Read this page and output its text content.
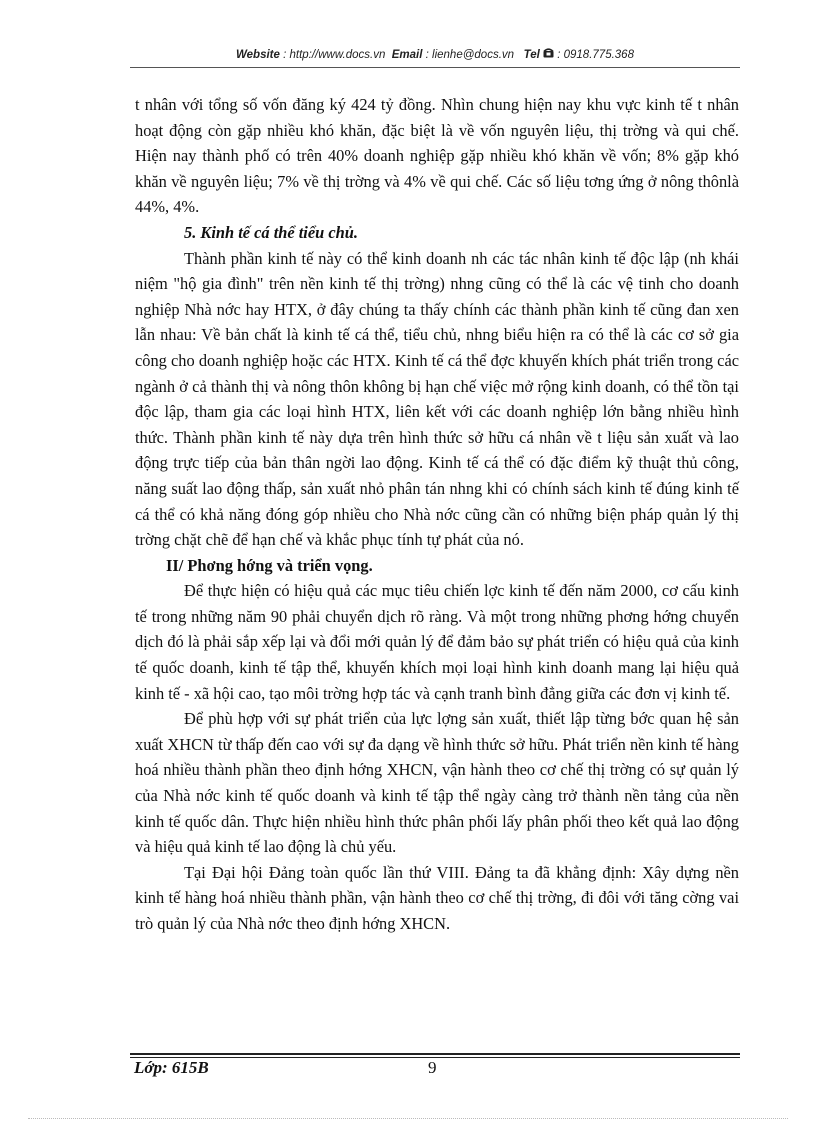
Website : http://www.docs.vn Email : lienhe@docs.vn Tel : 0918.775.368

t nhân với tổng số vốn đăng ký 424 tỷ đồng. Nhìn chung hiện nay khu vực kinh tế t nhân hoạt động còn gặp nhiều khó khăn, đặc biệt là về vốn nguyên liệu, thị trờng và qui chế. Hiện nay thành phố có trên 40% doanh nghiệp gặp nhiều khó khăn về vốn; 8% gặp khó khăn về nguyên liệu; 7% về thị trờng và 4% về qui chế. Các số liệu tơng ứng ở nông thônlà 44%, 4%.

5. Kinh tế cá thể tiểu chủ.

Thành phần kinh tế này có thể kinh doanh nh các tác nhân kinh tế độc lập (nh khái niệm "hộ gia đình" trên nền kinh tế thị trờng) nhng cũng có thể là các vệ tinh cho doanh nghiệp Nhà nớc hay HTX, ở đây chúng ta thấy chính các thành phần kinh tế cũng đan xen lẫn nhau: Về bản chất là kinh tế cá thể, tiểu chủ, nhng biểu hiện ra có thể là các cơ sở gia công cho doanh nghiệp hoặc các HTX. Kinh tế cá thể đợc khuyến khích phát triển trong các ngành ở cả thành thị và nông thôn không bị hạn chế việc mở rộng kinh doanh, có thể tồn tại độc lập, tham gia các loại hình HTX, liên kết với các doanh nghiệp lớn bằng nhiều hình thức. Thành phần kinh tế này dựa trên hình thức sở hữu cá nhân về t liệu sản xuất và lao động trực tiếp của bản thân ngời lao động. Kinh tế cá thể có đặc điểm kỹ thuật thủ công, năng suất lao động thấp, sản xuất nhỏ phân tán nhng khi có chính sách kinh tế đúng kinh tế cá thể có khả năng đóng góp nhiều cho Nhà nớc cũng cần có những biện pháp quản lý thị trờng chặt chẽ để hạn chế và khắc phục tính tự phát của nó.

II/ Phơng hớng và triển vọng.

Để thực hiện có hiệu quả các mục tiêu chiến lợc kinh tế đến năm 2000, cơ cấu kinh tế trong những năm 90 phải chuyển dịch rõ ràng. Và một trong những phơng hớng chuyển dịch đó là phải sắp xếp lại và đổi mới quản lý để đảm bảo sự phát triển có hiệu quả của kinh tế quốc doanh, kinh tế tập thể, khuyến khích mọi loại hình kinh doanh mang lại hiệu quả kinh tế - xã hội cao, tạo môi trờng hợp tác và cạnh tranh bình đẳng giữa các đơn vị kinh tế.

Để phù hợp với sự phát triển của lực lợng sản xuất, thiết lập từng bớc quan hệ sản xuất XHCN từ thấp đến cao với sự đa dạng về hình thức sở hữu. Phát triển nền kinh tế hàng hoá nhiều thành phần theo định hớng XHCN, vận hành theo cơ chế thị trờng có sự quản lý của Nhà nớc kinh tế quốc doanh và kinh tế tập thể ngày càng trở thành nền tảng của nền kinh tế quốc dân. Thực hiện nhiều hình thức phân phối lấy phân phối theo kết quả lao động và hiệu quả kinh tế lao động là chủ yếu.

Tại Đại hội Đảng toàn quốc lần thứ VIII. Đảng ta đã khẳng định: Xây dựng nền kinh tế hàng hoá nhiều thành phần, vận hành theo cơ chế thị trờng, đi đôi với tăng cờng vai trò quản lý của Nhà nớc theo định hớng XHCN.

Lớp: 615B	9
